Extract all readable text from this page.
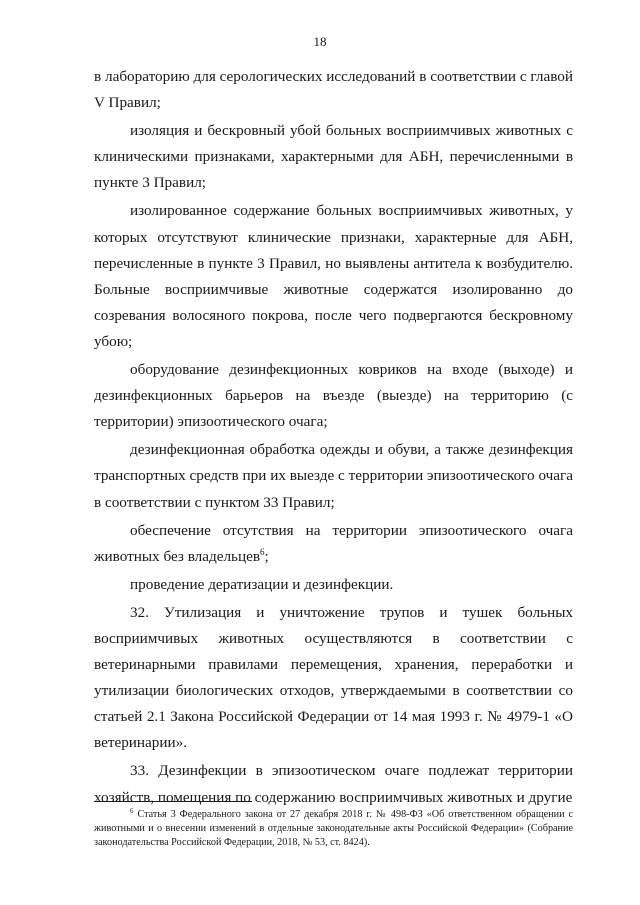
18

в лабораторию для серологических исследований в соответствии с главой V Правил;

изоляция и бескровный убой больных восприимчивых животных с клиническими признаками, характерными для АБН, перечисленными в пункте 3 Правил;

изолированное содержание больных восприимчивых животных, у которых отсутствуют клинические признаки, характерные для АБН, перечисленные в пункте 3 Правил, но выявлены антитела к возбудителю. Больные восприимчивые животные содержатся изолированно до созревания волосяного покрова, после чего подвергаются бескровному убою;

оборудование дезинфекционных ковриков на входе (выходе) и дезинфекционных барьеров на въезде (выезде) на территорию (с территории) эпизоотического очага;

дезинфекционная обработка одежды и обуви, а также дезинфекция транспортных средств при их выезде с территории эпизоотического очага в соответствии с пунктом 33 Правил;

обеспечение отсутствия на территории эпизоотического очага животных без владельцев$^6$;

проведение дератизации и дезинфекции.

32. Утилизация и уничтожение трупов и тушек больных восприимчивых животных осуществляются в соответствии с ветеринарными правилами перемещения, хранения, переработки и утилизации биологических отходов, утверждаемыми в соответствии со статьей 2.1 Закона Российской Федерации от 14 мая 1993 г. № 4979-1 «О ветеринарии».

33. Дезинфекции в эпизоотическом очаге подлежат территории хозяйств, помещения по содержанию восприимчивых животных и другие

$^6$ Статья 3 Федерального закона от 27 декабря 2018 г. № 498-ФЗ «Об ответственном обращении с животными и о внесении изменений в отдельные законодательные акты Российской Федерации» (Собрание законодательства Российской Федерации, 2018, № 53, ст. 8424).
